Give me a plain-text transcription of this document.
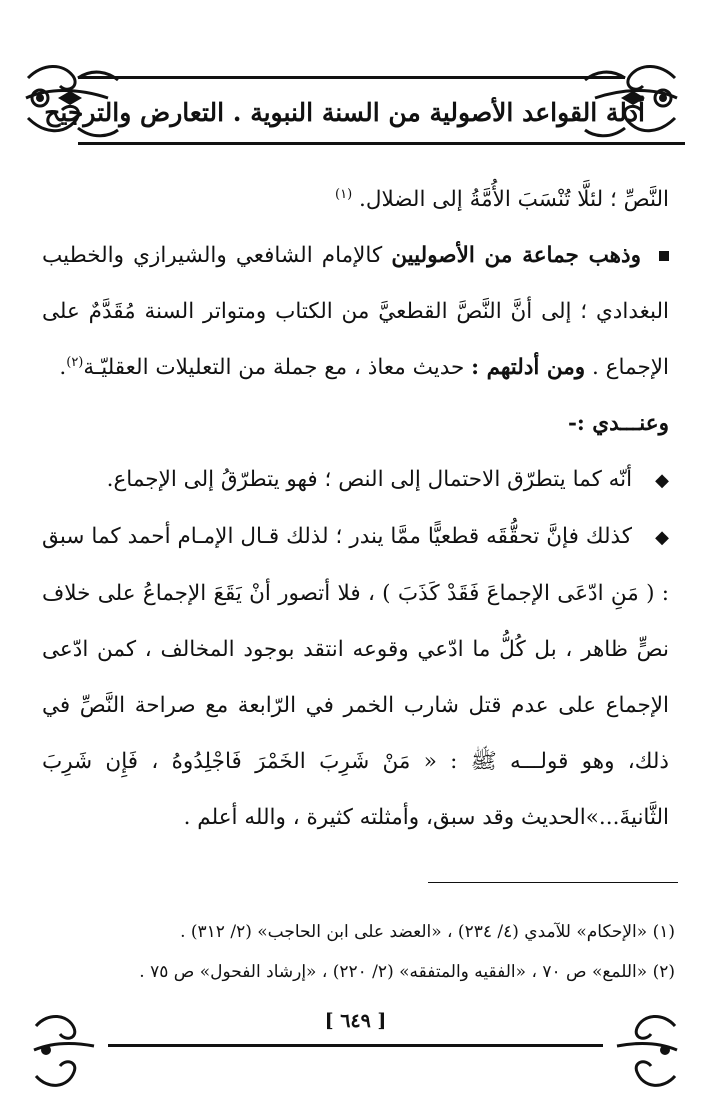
أدلة القواعد الأصولية من السنة النبوية . التعارض والترجيح

النَّصِّ ؛ لئلَّا تُنْسَبَ الأُمَّةُ إلى الضلال. $^{(١)}$

وذهب جماعة من الأصوليين كالإمام الشافعي والشيرازي والخطيب البغدادي ؛ إلى أنَّ النَّصَّ القطعيَّ من الكتاب ومتواتر السنة مُقَدَّمٌ على الإجماع . ومن أدلتهم : حديث معاذ ، مع جملة من التعليلات العقليّـة$^{(٢)}$.

وعنـــدي :-

◆ أنّه كما يتطرّق الاحتمال إلى النص ؛ فهو يتطرّقُ إلى الإجماع.

◆ كذلك فإنَّ تحقُّقَه قطعيًّا ممَّا يندر ؛ لذلك قـال الإمـام أحمد كما سبق : ( مَنِ ادّعَى الإجماعَ فَقَدْ كَذَبَ ) ، فلا أتصور أنْ يَقَعَ الإجماعُ على خلاف نصٍّ ظاهر ، بل كُلُّ ما ادّعي وقوعه انتقد بوجود المخالف ، كمن ادّعى الإجماع على عدم قتل شارب الخمر في الرّابعة مع صراحة النَّصِّ في ذلك، وهو قولـــه ﷺ : « مَنْ شَرِبَ الخَمْرَ فَاجْلِدُوهُ ، فَإِن شَرِبَ الثَّانيةَ...»الحديث وقد سبق، وأمثلته كثيرة ، والله أعلم .

(١) «الإحكام» للآمدي (٤/ ٢٣٤) ، «العضد على ابن الحاجب» (٢/ ٣١٢) .

(٢) «اللمع» ص ٧٠ ، «الفقيه والمتفقه» (٢/ ٢٢٠) ، «إرشاد الفحول» ص ٧٥ .

[ ٦٤٩ ]
